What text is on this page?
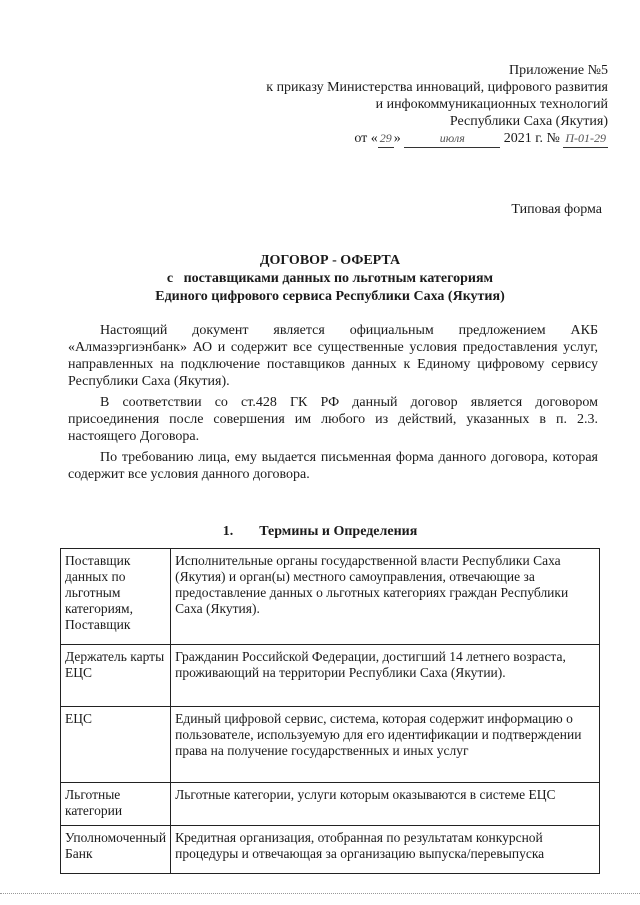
Приложение №5
к приказу Министерства инноваций, цифрового развития
и инфокоммуникационных технологий
Республики Саха (Якутия)
от « 29 »	июля	2021 г. № П-01-29
Типовая форма
ДОГОВОР - ОФЕРТА
с   поставщиками данных по льготным категориям
Единого цифрового сервиса Республики Саха (Якутия)

Настоящий документ является официальным предложением АКБ «Алмазэргиэнбанк» АО и содержит все существенные условия предоставления услуг, направленных на подключение поставщиков данных к Единому цифровому сервису Республики Саха (Якутия).

В соответствии со ст.428 ГК РФ данный договор является договором присоединения после совершения им любого из действий, указанных в п. 2.3. настоящего Договора.

По требованию лица, ему выдается письменная форма данного договора, которая содержит все условия данного договора.

1. Термины и Определения
Поставщик данных по льготным категориям, Поставщик	Исполнительные органы государственной власти Республики Саха (Якутия) и орган(ы) местного самоуправления, отвечающие за предоставление данных о льготных категориях граждан Республики Саха (Якутия).
Держатель карты ЕЦС	Гражданин Российской Федерации, достигший 14 летнего возраста, проживающий на территории Республики Саха (Якутии).
ЕЦС	Единый цифровой сервис, система, которая содержит информацию о пользователе, используемую для его идентификации и подтверждении права на получение государственных и иных услуг
Льготные категории	Льготные категории, услуги которым оказываются в системе ЕЦС
Уполномоченный Банк	Кредитная организация, отобранная по результатам конкурсной процедуры и отвечающая за организацию выпуска/перевыпуска
